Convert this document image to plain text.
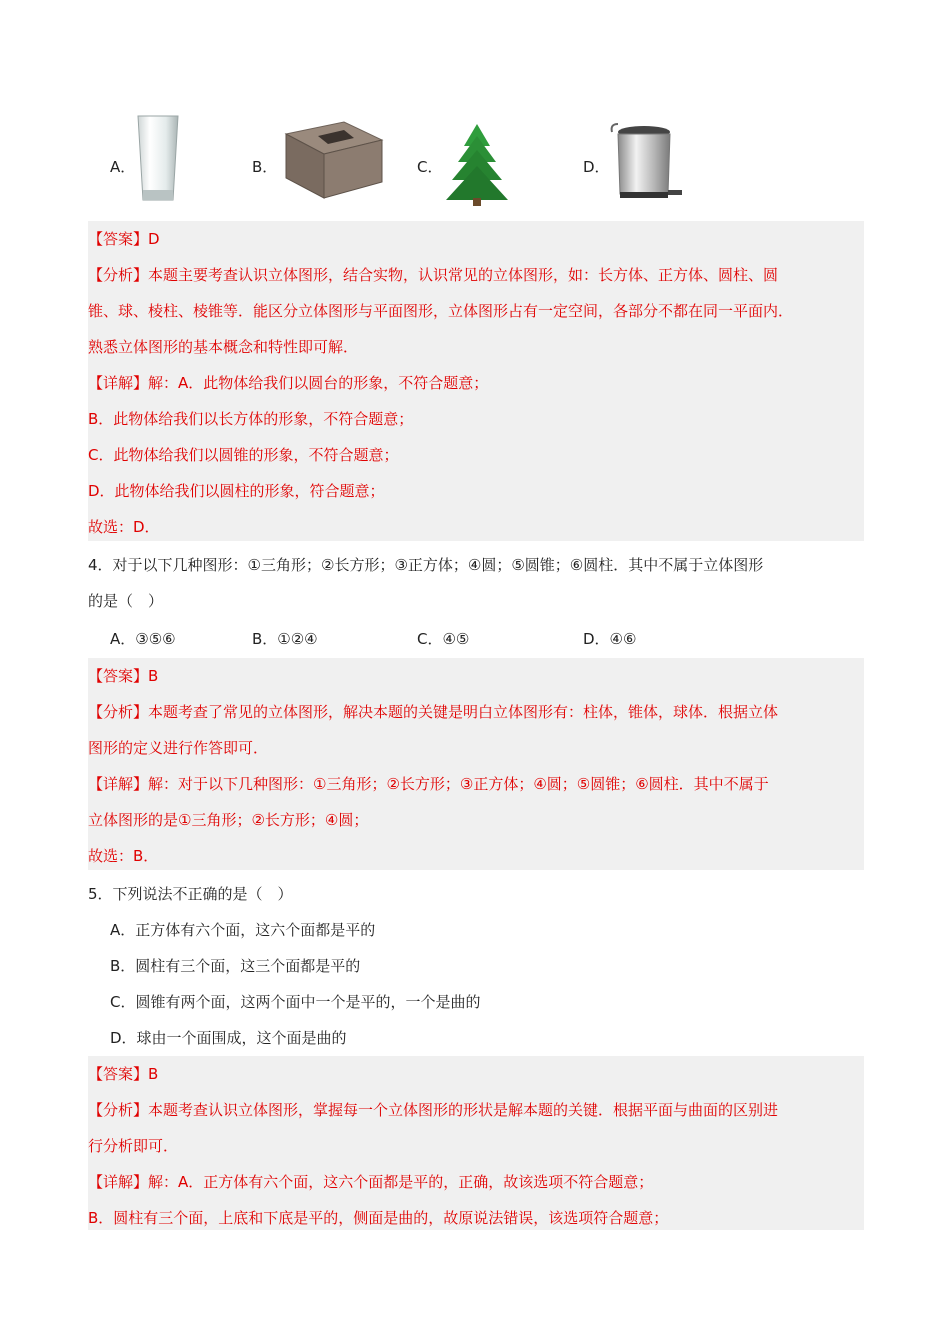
A．	B．	C．	D．
【答案】D
【分析】本题主要考查认识立体图形，结合实物，认识常见的立体图形，如：长方体、正方体、圆柱、圆
锥、球、棱柱、棱锥等．能区分立体图形与平面图形，立体图形占有一定空间，各部分不都在同一平面内．
熟悉立体图形的基本概念和特性即可解．
【详解】解：A．此物体给我们以圆台的形象，不符合题意；
B．此物体给我们以长方体的形象，不符合题意；
C．此物体给我们以圆锥的形象，不符合题意；
D．此物体给我们以圆柱的形象，符合题意；
故选：D．
4．对于以下几种图形：①三角形；②长方形；③正方体；④圆；⑤圆锥；⑥圆柱．其中不属于立体图形
的是（　）
A．③⑤⑥	B．①②④	C．④⑤	D．④⑥
【答案】B
【分析】本题考查了常见的立体图形，解决本题的关键是明白立体图形有：柱体，锥体，球体．根据立体
图形的定义进行作答即可．
【详解】解：对于以下几种图形：①三角形；②长方形；③正方体；④圆；⑤圆锥；⑥圆柱．其中不属于
立体图形的是①三角形；②长方形；④圆；
故选：B．
5．下列说法不正确的是（　）
A．正方体有六个面，这六个面都是平的
B．圆柱有三个面，这三个面都是平的
C．圆锥有两个面，这两个面中一个是平的，一个是曲的
D．球由一个面围成，这个面是曲的
【答案】B
【分析】本题考查认识立体图形，掌握每一个立体图形的形状是解本题的关键．根据平面与曲面的区别进
行分析即可．
【详解】解：A．正方体有六个面，这六个面都是平的，正确，故该选项不符合题意；
B．圆柱有三个面，上底和下底是平的，侧面是曲的，故原说法错误，该选项符合题意；
